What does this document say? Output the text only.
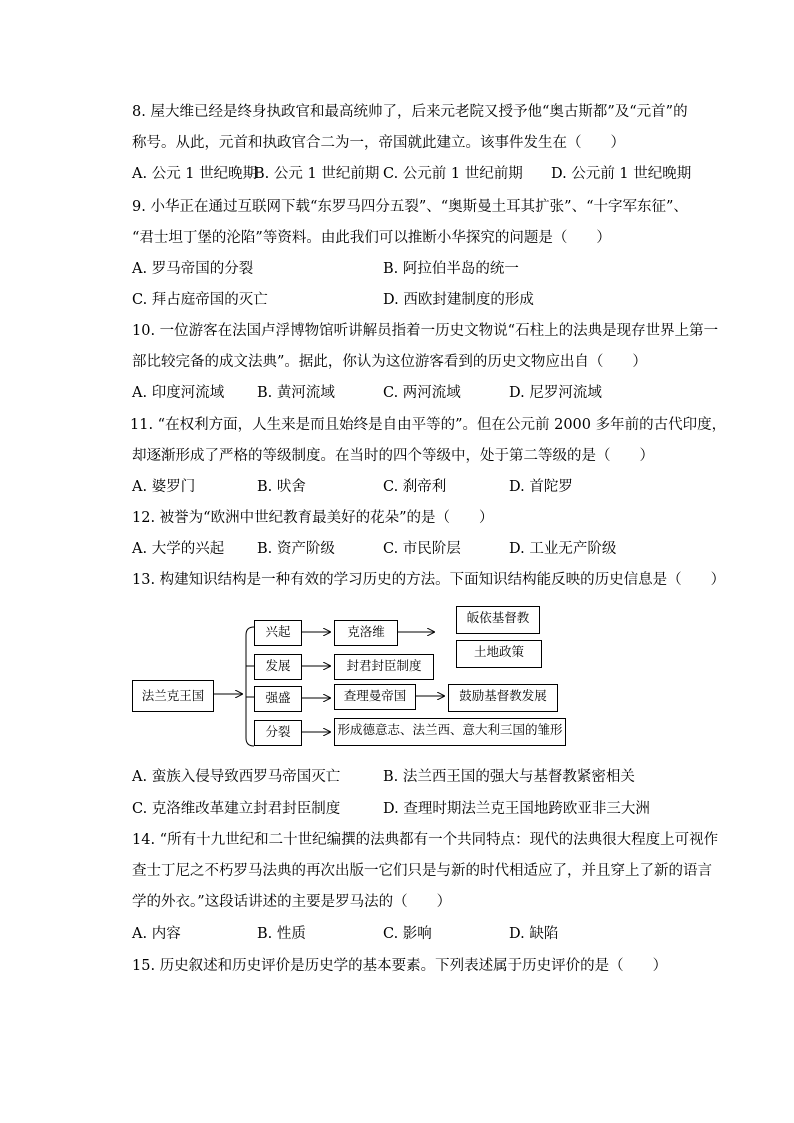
8. 屋大维已经是终身执政官和最高统帅了，后来元老院又授予他“奥古斯都”及“元首”的
称号。从此，元首和执政官合二为一，帝国就此建立。该事件发生在（　　）
A. 公元 1 世纪晚期
B. 公元 1 世纪前期 C. 公元前 1 世纪前期 D. 公元前 1 世纪晚期
9. 小华正在通过互联网下载“东罗马四分五裂”、“奥斯曼土耳其扩张”、“十字军东征”、
“君士坦丁堡的沦陷”等资料。由此我们可以推断小华探究的问题是（　　）
A. 罗马帝国的分裂	B. 阿拉伯半岛的统一
C. 拜占庭帝国的灭亡	D. 西欧封建制度的形成
10. 一位游客在法国卢浮博物馆听讲解员指着一历史文物说“石柱上的法典是现存世界上第一
部比较完备的成文法典”。据此，你认为这位游客看到的历史文物应出自（　　）
A. 印度河流域 B. 黄河流域	C. 两河流域	D. 尼罗河流域
11. “在权利方面，人生来是而且始终是自由平等的”。但在公元前 2000 多年前的古代印度，
却逐渐形成了严格的等级制度。在当时的四个等级中，处于第二等级的是（　　）
A. 婆罗门	B. 吠舍	C. 刹帝利	D. 首陀罗
12. 被誉为“欧洲中世纪教育最美好的花朵”的是（　　）
A. 大学的兴起 B. 资产阶级	C. 市民阶层	D. 工业无产阶级
13. 构建知识结构是一种有效的学习历史的方法。下面知识结构能反映的历史信息是（　　）
法兰克王国
兴起
发展
强盛
分裂
克洛维
封君封臣制度
查理曼帝国
形成德意志、法兰西、意大利三国的雏形
皈依基督教
土地政策
鼓励基督教发展
A. 蛮族入侵导致西罗马帝国灭亡	B. 法兰西王国的强大与基督教紧密相关
C. 克洛维改革建立封君封臣制度	D. 查理时期法兰克王国地跨欧亚非三大洲
14. “所有十九世纪和二十世纪编撰的法典都有一个共同特点：现代的法典很大程度上可视作
查士丁尼之不朽罗马法典的再次出版一它们只是与新的时代相适应了，并且穿上了新的语言
学的外衣。”这段话讲述的主要是罗马法的（　　）
A. 内容	B. 性质	C. 影响	D. 缺陷
15. 历史叙述和历史评价是历史学的基本要素。下列表述属于历史评价的是（　　）
